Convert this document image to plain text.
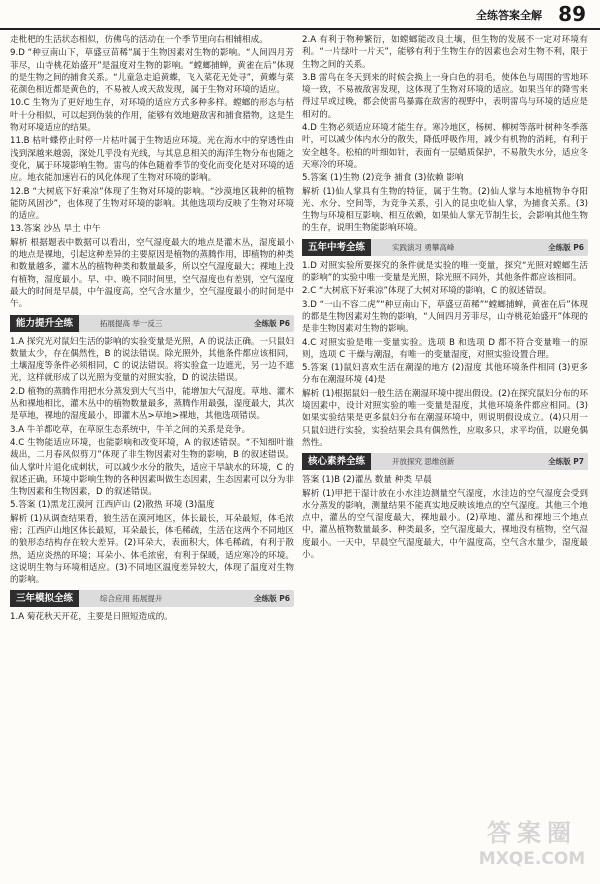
全练答案全解 89

走枇杷的生活状态相似，仿佛鸟的活动在一个季节里向右相辅相成。

9.D “种豆南山下，草盛豆苗稀”属于生物因素对生物的影响。“人间四月芳菲尽，山寺桃花始盛开”是温度对生物的影响。“螳螂捕蝉，黄雀在后”体现的是生物之间的捕食关系。“儿童急走追黄蝶，飞入菜花无处寻”，黄蝶与菜花颜色相近都是黄色的，不易被人或天敌发现，属于生物对环境的适应。

10.C 生物为了更好地生存，对环境的适应方式多种多样。螳螂的形态与枯叶十分相似，可以起到伪装的作用，能够有效地避敌害和捕食猎物，这是生物对环境适应的结果。

11.B 枯叶蝶停止时停一片枯叶属于生物适应环境。光在海水中的穿透性由浅到深越来越弱，深处几乎没有光线，与其息息相关的海洋生物分布也随之变化，属于环境影响生物。雷鸟的体色随着季节的变化而变化是对环境的适应。地衣能加速岩石的风化体现了生物对环境的影响。

12.B “大树底下好乘凉”体现了生物对环境的影响。“沙漠地区栽种的植物能防风固沙”，也体现了生物对环境的影响。其他选项均反映了生物对环境的适应。

13.答案 沙丛 旱土 中午

解析 根据题表中数据可以看出，空气湿度最大的地点是灌木丛，湿度最小的地点是裸地，引起这种差异的主要原因是植物的蒸腾作用，即植物的种类和数量越多，灌木丛的植物种类和数量最多，所以空气湿度最大；裸地上没有植物，湿度最小。早、中、晚不同时间里，空气湿度也有差别，空气湿度最大的时间是早晨，中午温度高，空气含水量少，空气湿度最小的时间是中午。

能力提升全练	拓展提高 举一反三	全练版 P6

1.A 探究光对鼠妇生活的影响的实验变量是光照，A 的说法正确。一只鼠妇数量太少，存在偶然性，B 的说法错误。除光照外，其他条件都应该相同，土壤湿度等条件必须相同，C 的说法错误。将实验盒一边遮光，另一边不遮光，这样就形成了以光照为变量的对照实验，D 的说法错误。

2.D 植物的蒸腾作用把水分蒸发到大气当中，能增加大气湿度。草地、灌木丛和裸地相比，灌木丛中的植物数量最多，蒸腾作用最强，湿度最大，其次是草地，裸地的湿度最小，即灌木丛>草地>裸地，其他选项错误。

3.A 牛羊都吃草，在草原生态系统中，牛羊之间的关系是竞争。

4.C 生物能适应环境，也能影响和改变环境，A 的叙述错误。“不知细叶谁裁出，二月春风似剪刀”体现了非生物因素对生物的影响，B 的叙述错误。仙人掌叶片退化成刺状，可以减少水分的散失，适应干旱缺水的环境，C 的叙述正确。环境中影响生物的各种因素叫做生态因素，生态因素可以分为非生物因素和生物因素，D 的叙述错误。

5.答案 (1)黑龙江漠河 江西庐山 (2)散热 环境 (3)温度

解析 (1)从调查结果看，狼生活在漠河地区，体长最长，耳朵最短，体毛浓密；江西庐山地区体长最短，耳朵最长，体毛稀疏，生活在这两个不同地区的狼形态结构存在较大差异。(2)耳朵大，表面积大，体毛稀疏，有利于散热，适应炎热的环境；耳朵小、体毛浓密，有利于保暖，适应寒冷的环境。这说明生物与环境相适应。(3)不同地区温度差异较大，体现了温度对生物的影响。

三年模拟全练	综合应用 拓展提升	全练版 P6

1.A 菊花秋天开花，主要是日照短造成的。

2.A 有利于物种繁衍，如螳螂能改良土壤，但生物的发展不一定对环境有利。“一片绿叶一片天”，能够有利于生物生存的因素也会对生物不利，限于生物之间的关系。

3.B 雷鸟在冬天到来的时候会换上一身白色的羽毛，使体色与周围的雪地环境一致，不易被敌害发现，这体现了生物对环境的适应。如果当年的降雪来得过早或过晚，都会使雷鸟暴露在敌害的视野中，表明雷鸟与环境的适应是相对的。

4.D 生物必须适应环境才能生存。寒冷地区，杨树、柳树等落叶树种冬季落叶，可以减少体内水分的散失，降低呼吸作用，减少有机物的消耗，有利于安全越冬。松柏的叶细如针，表面有一层蜡质保护，不易散失水分，适应冬天寒冷的环境。

5.答案 (1)生物 (2)竞争 捕食 (3)依赖 影响

解析 (1)仙人掌具有生物的特征，属于生物。(2)仙人掌与本地植物争夺阳光、水分、空间等，为竞争关系，引入的昆虫吃仙人掌，为捕食关系。(3)生物与环境相互影响、相互依赖，如果仙人掌无节制生长，会影响其他生物的生存，说明生物能影响环境。

五年中考全练	实践演习 勇攀高峰	全练版 P6

1.D 对照实验所要探究的条件就是实验的唯一变量，探究“光照对螳螂生活的影响”的实验中唯一变量是光照，除光照不同外，其他条件都应该相同。

2.C “大树底下好乘凉”体现了大树对环境的影响，C 的叙述错误。

3.D “一山不容二虎”“种豆南山下，草盛豆苗稀”“螳螂捕蝉，黄雀在后”体现的都是生物因素对生物的影响，“人间四月芳菲尽，山寺桃花始盛开”体现的是非生物因素对生物的影响。

4.C 对照实验是唯一变量实验。选项 B 和选项 D 都不符合变量唯一的原则，选项 C 干燥与潮湿，有唯一的变量湿度，对照实验设置合理。

5.答案 (1)鼠妇喜欢生活在潮湿的地方 (2)湿度 其他环境条件相同 (3)更多分布在潮湿环境 (4)是

解析 (1)根据鼠妇一般生活在潮湿环境中提出假设。(2)在探究鼠妇分布的环境因素中，设计对照实验的唯一变量是湿度，其他环境条件都应相同。(3)如果实验结果是更多鼠妇分布在潮湿环境中，则说明假设成立。(4)只用一只鼠妇进行实验，实验结果会具有偶然性，应取多只，求平均值，以避免偶然性。

核心素养全练	开放探究 思维创新	全练版 P7

答案 (1)B (2)灌丛 数量 种类 早晨

解析 (1)甲把干湿计放在小水洼边测量空气湿度，水洼边的空气湿度会受到水分蒸发的影响，测量结果不能真实地反映该地点的空气湿度。其他三个地点中，灌丛的空气湿度最大，裸地最小。(2)草地、灌丛和裸地三个地点中，灌丛植物数量最多、种类最多，空气湿度最大，裸地没有植物，空气湿度最小。一天中，早晨空气湿度最大，中午温度高，空气含水量少，湿度最小。

答案圈
MXQE.COM
